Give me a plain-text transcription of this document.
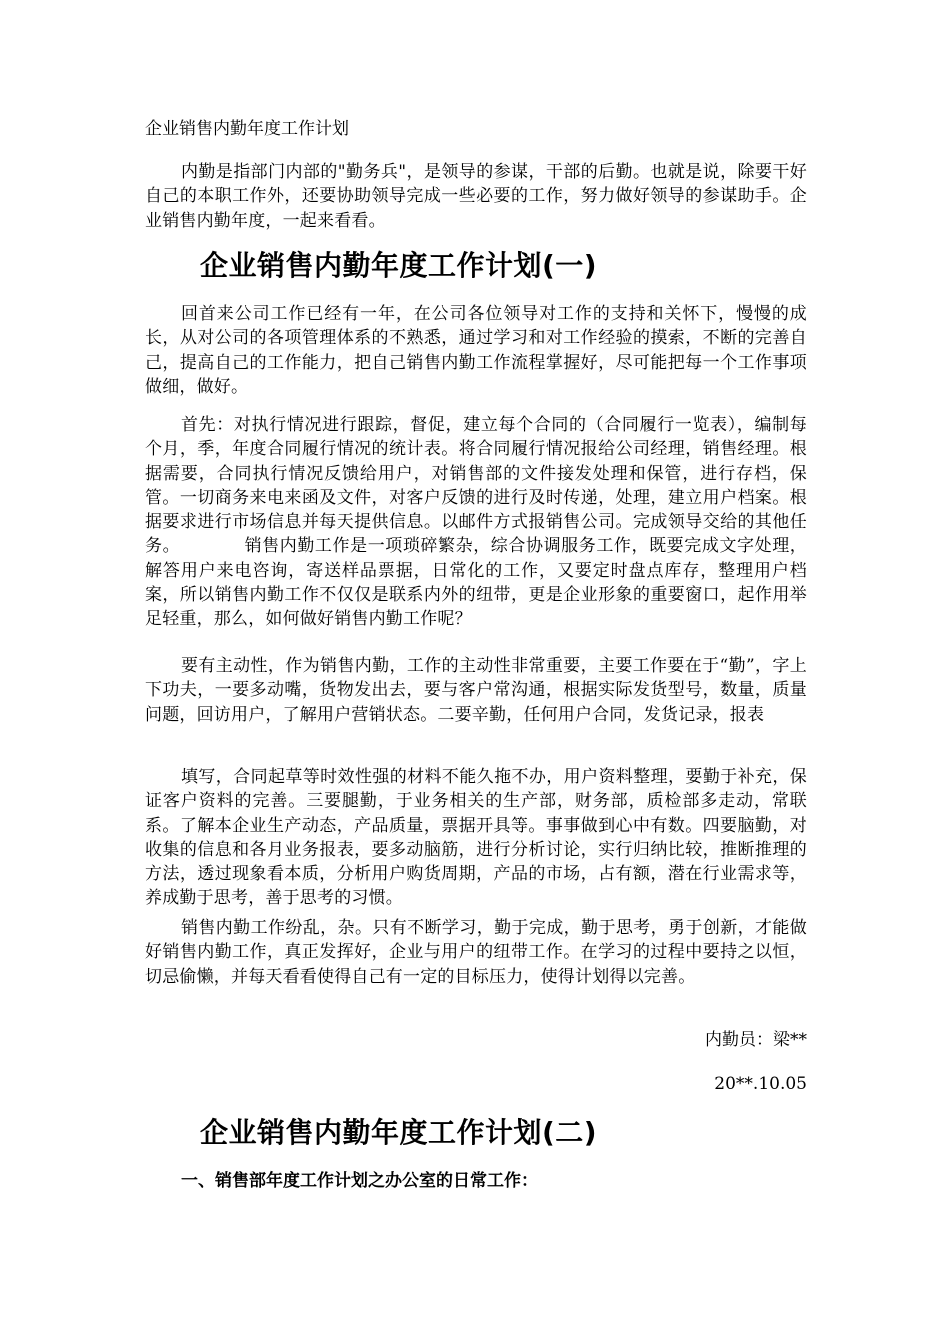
企业销售内勤年度工作计划

内勤是指部门内部的"勤务兵"，是领导的参谋，干部的后勤。也就是说，除要干好自己的本职工作外，还要协助领导完成一些必要的工作，努力做好领导的参谋助手。企业销售内勤年度，一起来看看。

企业销售内勤年度工作计划(一)

回首来公司工作已经有一年，在公司各位领导对工作的支持和关怀下，慢慢的成长，从对公司的各项管理体系的不熟悉，通过学习和对工作经验的摸索，不断的完善自己，提高自己的工作能力，把自己销售内勤工作流程掌握好，尽可能把每一个工作事项做细，做好。

首先：对执行情况进行跟踪，督促，建立每个合同的（合同履行一览表），编制每个月，季，年度合同履行情况的统计表。将合同履行情况报给公司经理，销售经理。根据需要，合同执行情况反馈给用户，对销售部的文件接发处理和保管，进行存档，保管。一切商务来电来函及文件，对客户反馈的进行及时传递，处理，建立用户档案。根据要求进行市场信息并每天提供信息。以邮件方式报销售公司。完成领导交给的其他任务。	销售内勤工作是一项琐碎繁杂，综合协调服务工作，既要完成文字处理，解答用户来电咨询，寄送样品票据，日常化的工作，又要定时盘点库存，整理用户档案，所以销售内勤工作不仅仅是联系内外的纽带，更是企业形象的重要窗口，起作用举足轻重，那么，如何做好销售内勤工作呢？

要有主动性，作为销售内勤，工作的主动性非常重要，主要工作要在于“勤”，字上下功夫，一要多动嘴，货物发出去，要与客户常沟通，根据实际发货型号，数量，质量问题，回访用户，了解用户营销状态。二要辛勤，任何用户合同，发货记录，报表

填写，合同起草等时效性强的材料不能久拖不办，用户资料整理，要勤于补充，保证客户资料的完善。三要腿勤，于业务相关的生产部，财务部，质检部多走动，常联系。了解本企业生产动态，产品质量，票据开具等。事事做到心中有数。四要脑勤，对收集的信息和各月业务报表，要多动脑筋，进行分析讨论，实行归纳比较，推断推理的方法，透过现象看本质，分析用户购货周期，产品的市场，占有额，潜在行业需求等，养成勤于思考，善于思考的习惯。

销售内勤工作纷乱，杂。只有不断学习，勤于完成，勤于思考，勇于创新，才能做好销售内勤工作，真正发挥好，企业与用户的纽带工作。在学习的过程中要持之以恒，切忌偷懒，并每天看看使得自己有一定的目标压力，使得计划得以完善。

内勤员：梁**

20**.10.05

企业销售内勤年度工作计划(二)

一、销售部年度工作计划之办公室的日常工作：
